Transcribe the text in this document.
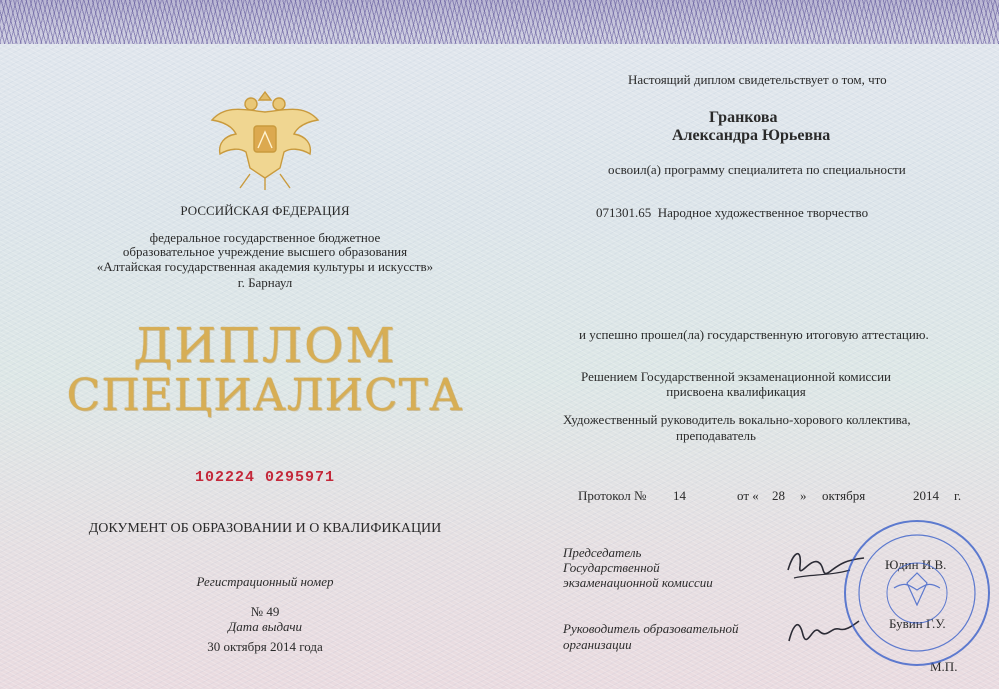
РОССИЙСКАЯ ФЕДЕРАЦИЯ
федеральное государственное бюджетное
образовательное учреждение высшего образования
«Алтайская государственная академия культуры и искусств»
г. Барнаул
ДИПЛОМ
СПЕЦИАЛИСТА
102224 0295971
ДОКУМЕНТ ОБ ОБРАЗОВАНИИ И О КВАЛИФИКАЦИИ
Регистрационный номер
№ 49
Дата выдачи
30 октября 2014 года
Настоящий диплом свидетельствует о том, что
Гранкова
Александра Юрьевна
освоил(а) программу специалитета по специальности
071301.65  Народное художественное творчество
и успешно прошел(ла) государственную итоговую аттестацию.
Решением Государственной экзаменационной комиссии
присвоена квалификация
Художественный руководитель вокально-хорового коллектива,
преподаватель
Протокол № 14	от « 28 » октября	2014 г.
Председатель
Государственной
экзаменационной комиссии
Юдин И.В.
Руководитель образовательной
организации
Бувин Г.У.
М.П.
